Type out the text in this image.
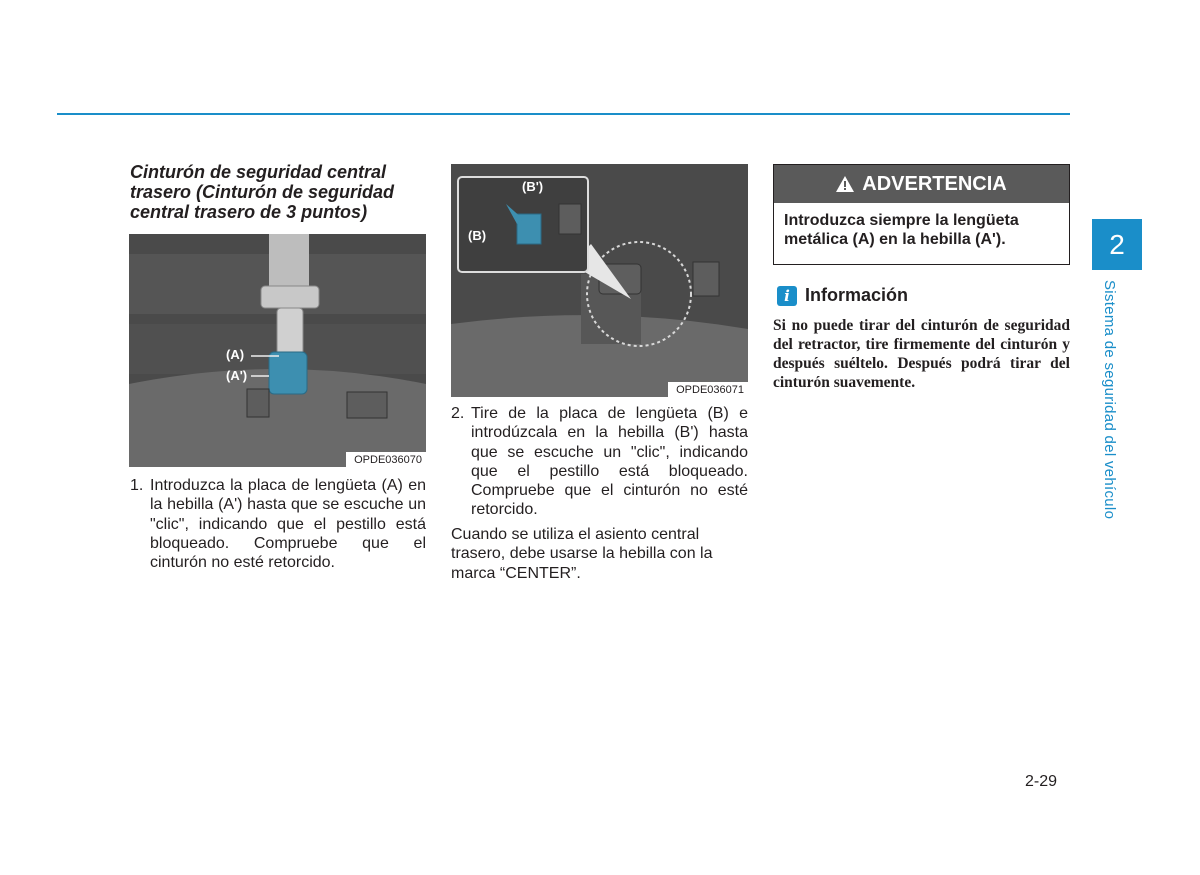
Cinturón de seguridad central trasero (Cinturón de seguridad central trasero de 3 puntos)
(A)
(A')
OPDE036070
(B')
(B)
OPDE036071
1. Introduzca la placa de lengüeta (A) en la hebilla (A') hasta que se escuche un "clic", indicando que el pestillo está bloqueado. Compruebe que el cinturón no esté retorcido.
2. Tire de la placa de lengüeta (B) e introdúzcala en la hebilla (B') hasta que se escuche un "clic", indicando que el pestillo está bloqueado. Compruebe que el cinturón no esté retorcido.
Cuando se utiliza el asiento central trasero, debe usarse la hebilla con la marca “CENTER”.
ADVERTENCIA
Introduzca siempre la lengüeta metálica (A) en la hebilla (A').
i Información
Si no puede tirar del cinturón de seguridad del retractor, tire firmemente del cinturón y después suéltelo. Después podrá tirar del cinturón suavemente.
2
Sistema de seguridad del vehículo
2-29
